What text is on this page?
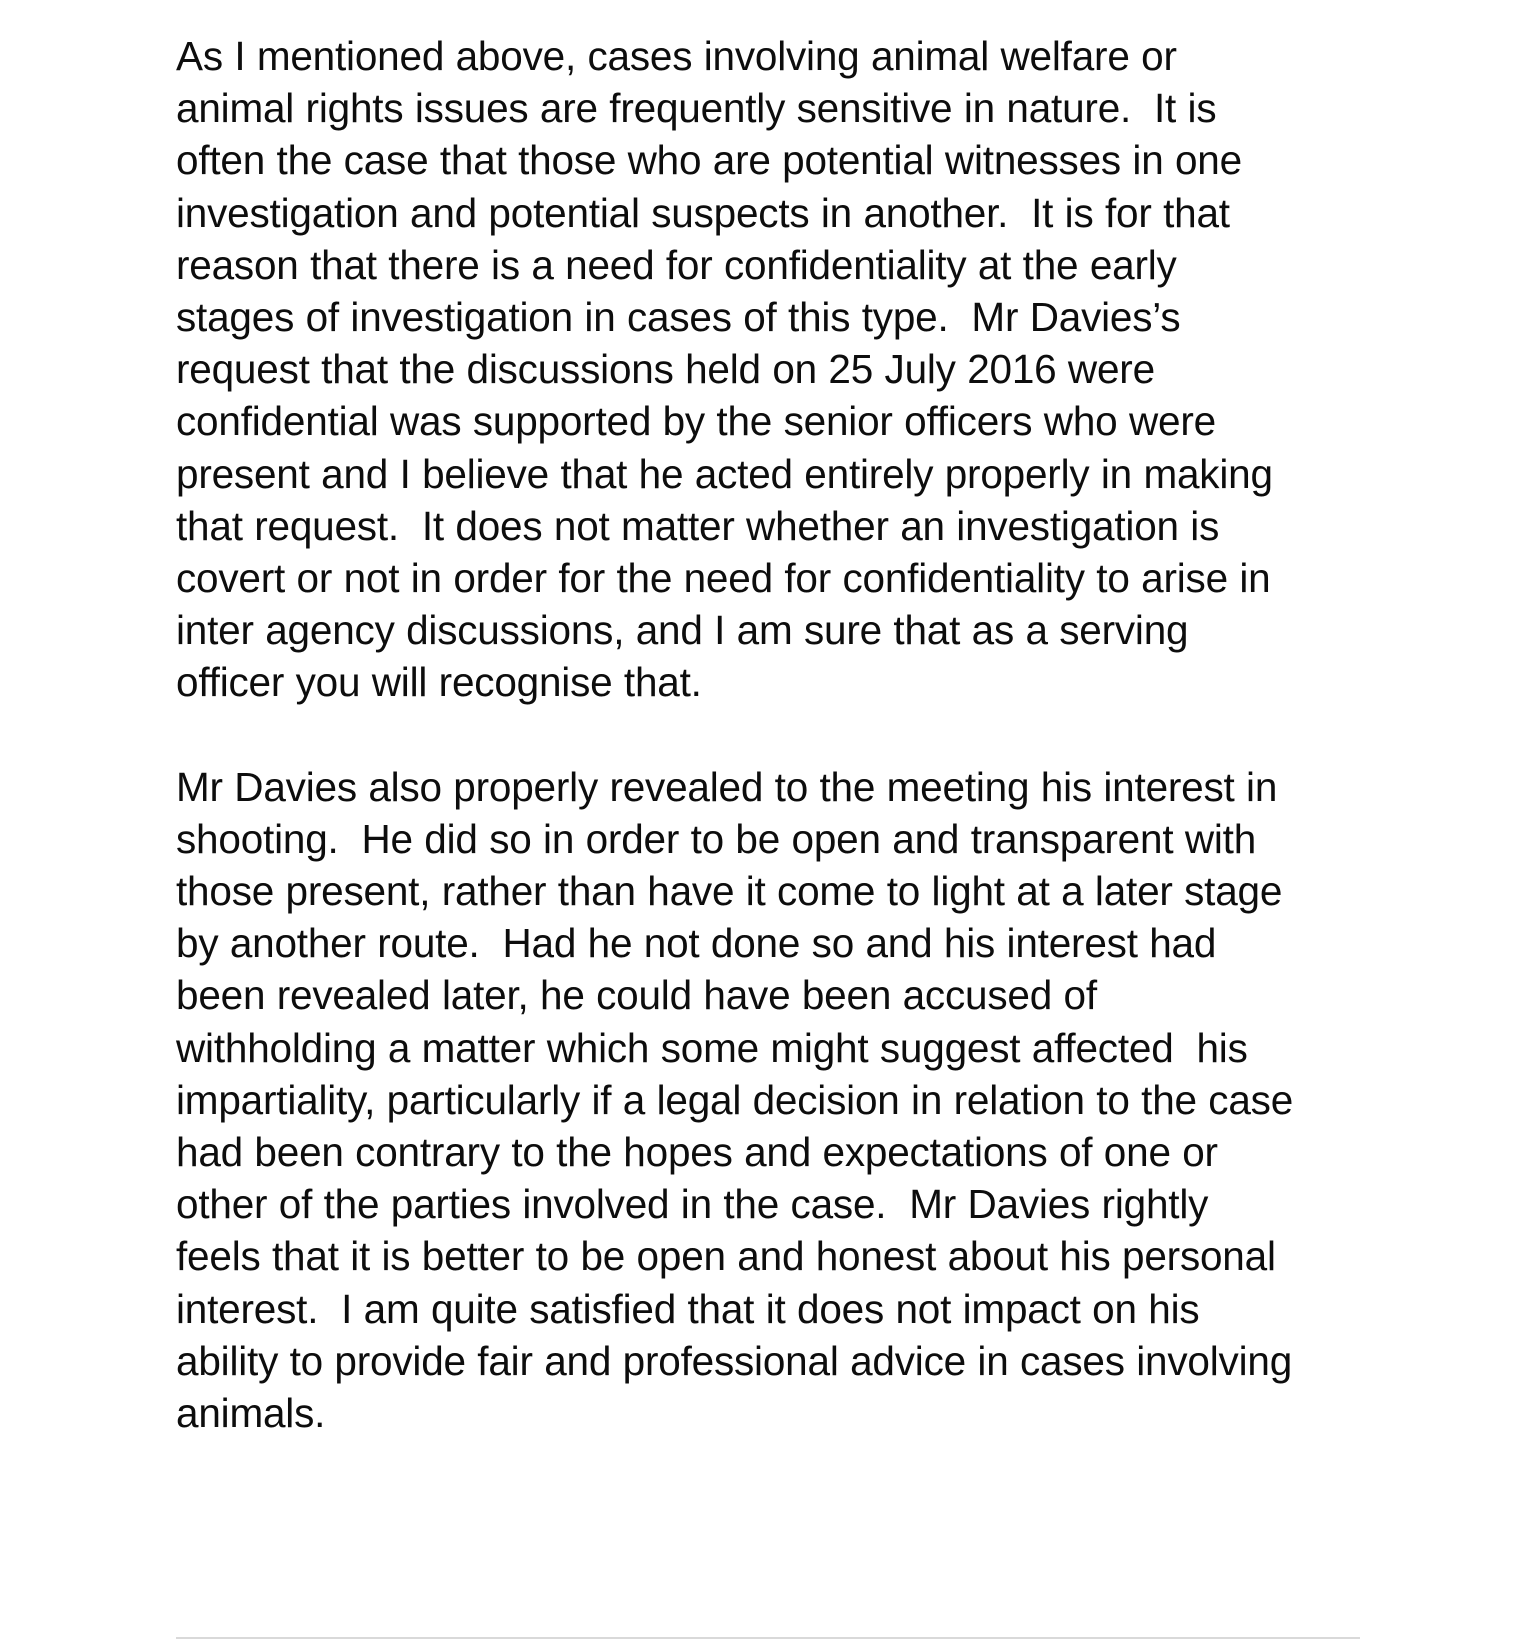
As I mentioned above, cases involving animal welfare or animal rights issues are frequently sensitive in nature.  It is often the case that those who are potential witnesses in one investigation and potential suspects in another.  It is for that reason that there is a need for confidentiality at the early stages of investigation in cases of this type.  Mr Davies’s request that the discussions held on 25 July 2016 were confidential was supported by the senior officers who were present and I believe that he acted entirely properly in making that request.  It does not matter whether an investigation is covert or not in order for the need for confidentiality to arise in inter agency discussions, and I am sure that as a serving officer you will recognise that.

Mr Davies also properly revealed to the meeting his interest in shooting.  He did so in order to be open and transparent with those present, rather than have it come to light at a later stage by another route.  Had he not done so and his interest had been revealed later, he could have been accused of withholding a matter which some might suggest affected  his impartiality, particularly if a legal decision in relation to the case had been contrary to the hopes and expectations of one or other of the parties involved in the case.  Mr Davies rightly feels that it is better to be open and honest about his personal interest.  I am quite satisfied that it does not impact on his ability to provide fair and professional advice in cases involving animals.
